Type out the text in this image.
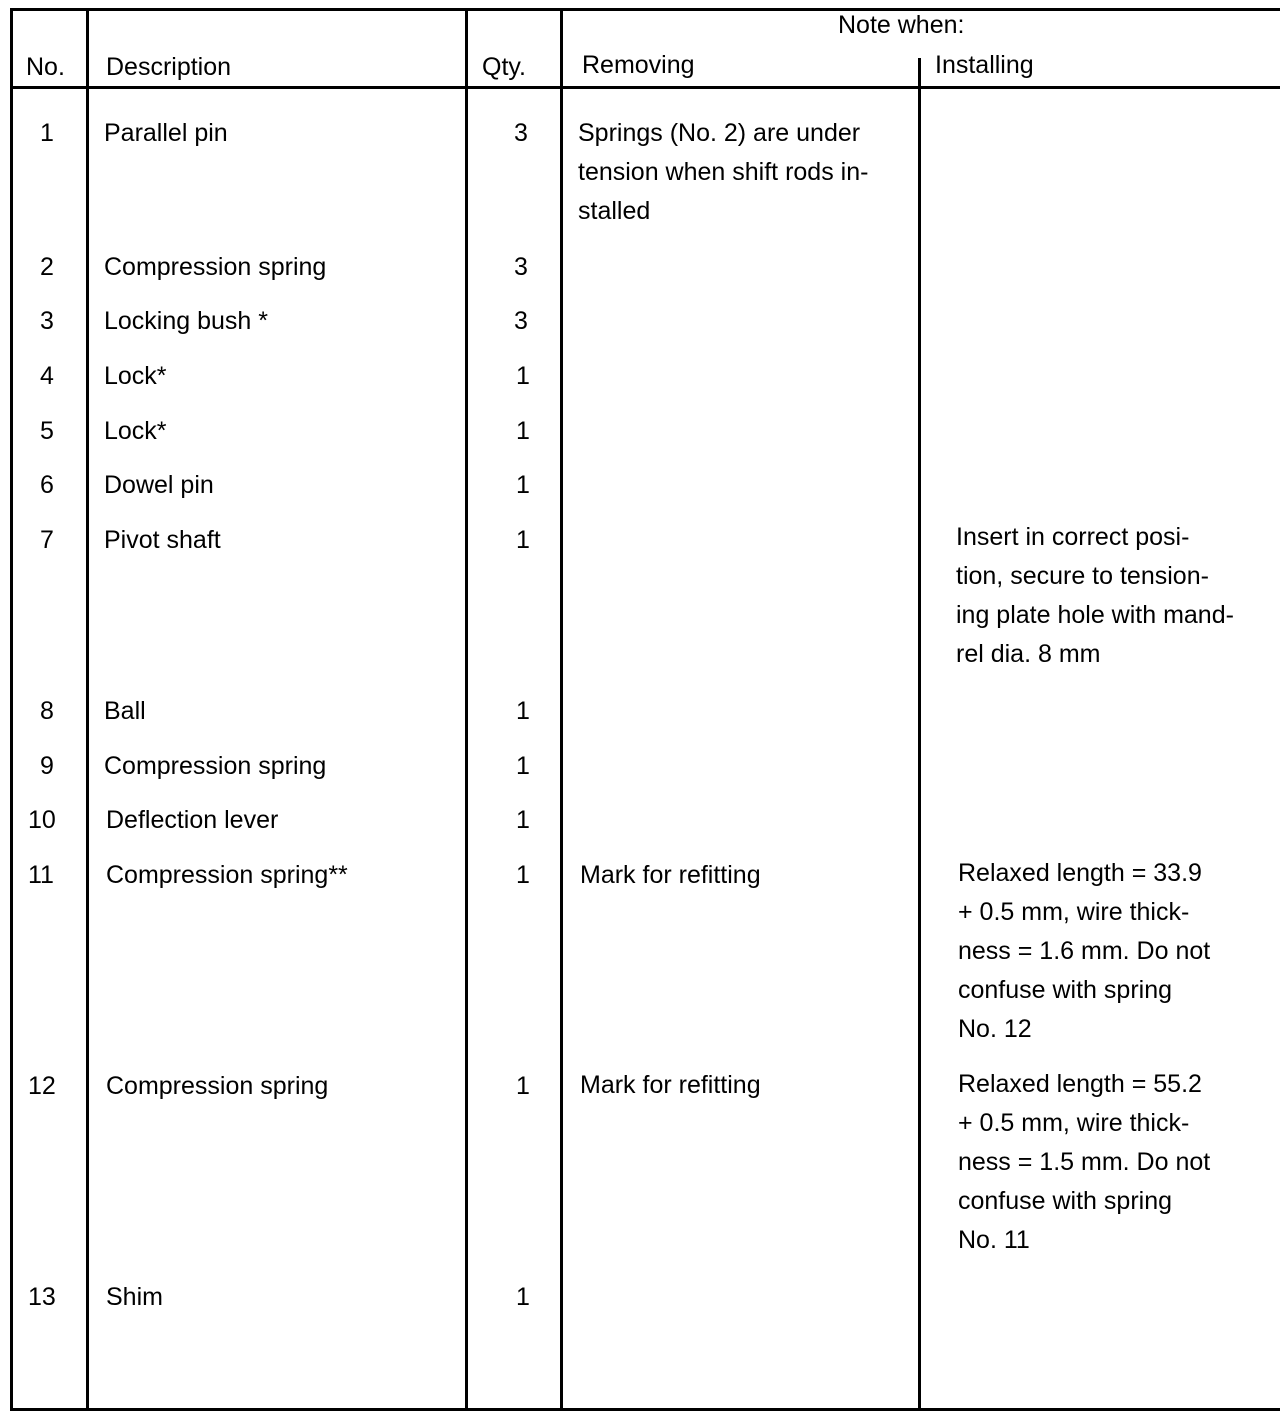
Note when:
No. Description	Qty. Removing	Installing
1 Parallel pin	3 Springs (No. 2) are under
tension when shift rods in-
stalled
2 Compression spring	3
3 Locking bush *	3
4 Lock*	1
5 Lock*	1
6 Dowel pin	1
7 Pivot shaft	1	Insert in correct posi-
tion, secure to tension-
ing plate hole with mand-
rel dia. 8 mm
8 Ball	1
9 Compression spring	1
10 Deflection lever	1
11 Compression spring**	1 Mark for refitting	Relaxed length = 33.9
+ 0.5 mm, wire thick-
ness = 1.6 mm. Do not
confuse with spring
No. 12
12 Compression spring	1 Mark for refitting	Relaxed length = 55.2
+ 0.5 mm, wire thick-
ness = 1.5 mm. Do not
confuse with spring
No. 11
13 Shim	1
